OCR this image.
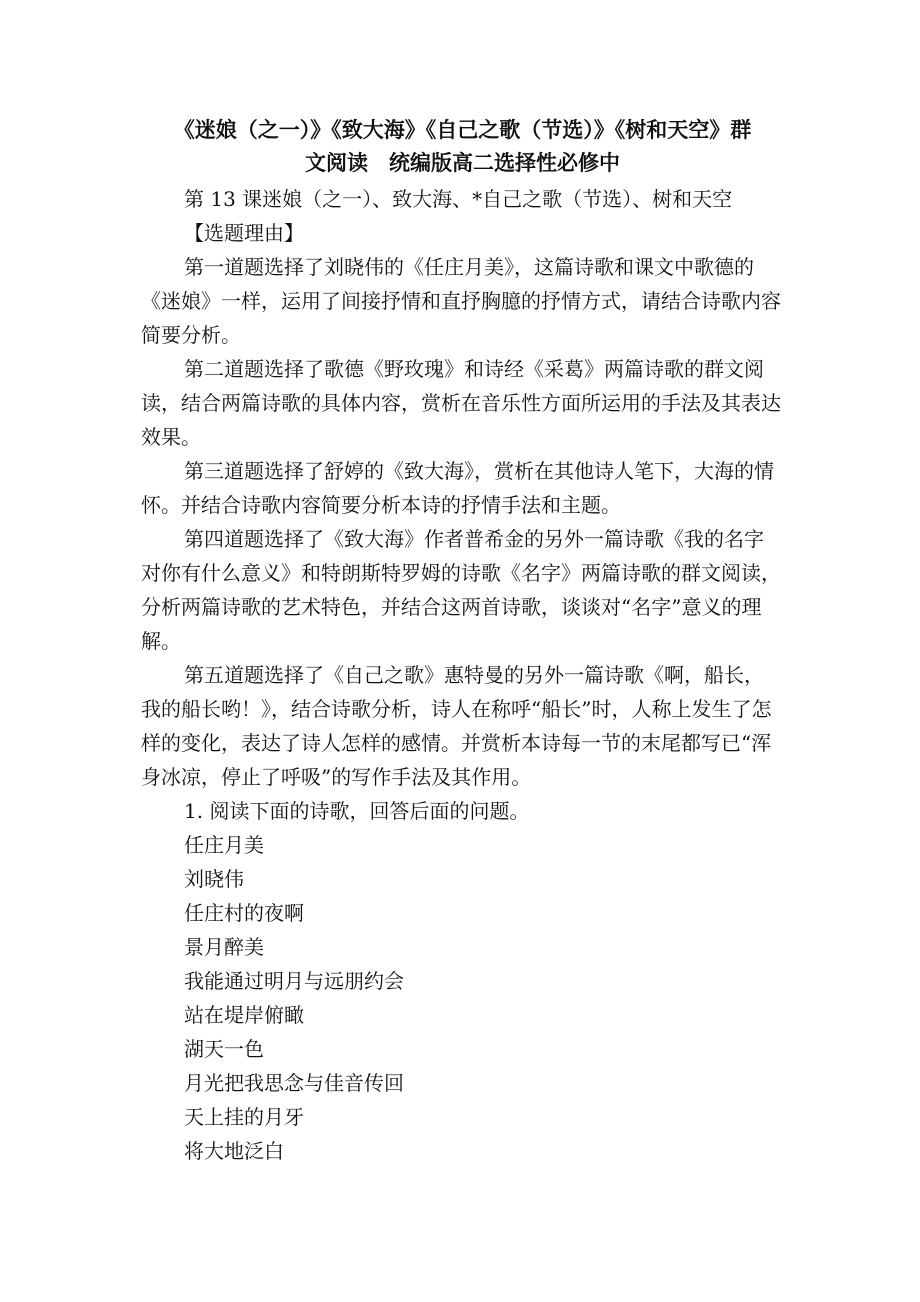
《迷娘（之一）》《致大海》《自己之歌（节选）》《树和天空》群
文阅读　统编版高二选择性必修中
第 13 课迷娘（之一）、致大海、*自己之歌（节选）、树和天空
【选题理由】
第一道题选择了刘晓伟的《任庄月美》，这篇诗歌和课文中歌德的《迷娘》一样，运用了间接抒情和直抒胸臆的抒情方式，请结合诗歌内容简要分析。
第二道题选择了歌德《野玫瑰》和诗经《采葛》两篇诗歌的群文阅读，结合两篇诗歌的具体内容，赏析在音乐性方面所运用的手法及其表达效果。
第三道题选择了舒婷的《致大海》，赏析在其他诗人笔下，大海的情怀。并结合诗歌内容简要分析本诗的抒情手法和主题。
第四道题选择了《致大海》作者普希金的另外一篇诗歌《我的名字对你有什么意义》和特朗斯特罗姆的诗歌《名字》两篇诗歌的群文阅读，分析两篇诗歌的艺术特色，并结合这两首诗歌，谈谈对“名字”意义的理解。
第五道题选择了《自己之歌》惠特曼的另外一篇诗歌《啊，船长，我的船长哟！》，结合诗歌分析，诗人在称呼“船长”时，人称上发生了怎样的变化，表达了诗人怎样的感情。并赏析本诗每一节的末尾都写已“浑身冰凉，停止了呼吸”的写作手法及其作用。
1. 阅读下面的诗歌，回答后面的问题。
任庄月美
刘晓伟
任庄村的夜啊
景月醉美
我能通过明月与远朋约会
站在堤岸俯瞰
湖天一色
月光把我思念与佳音传回
天上挂的月牙
将大地泛白
